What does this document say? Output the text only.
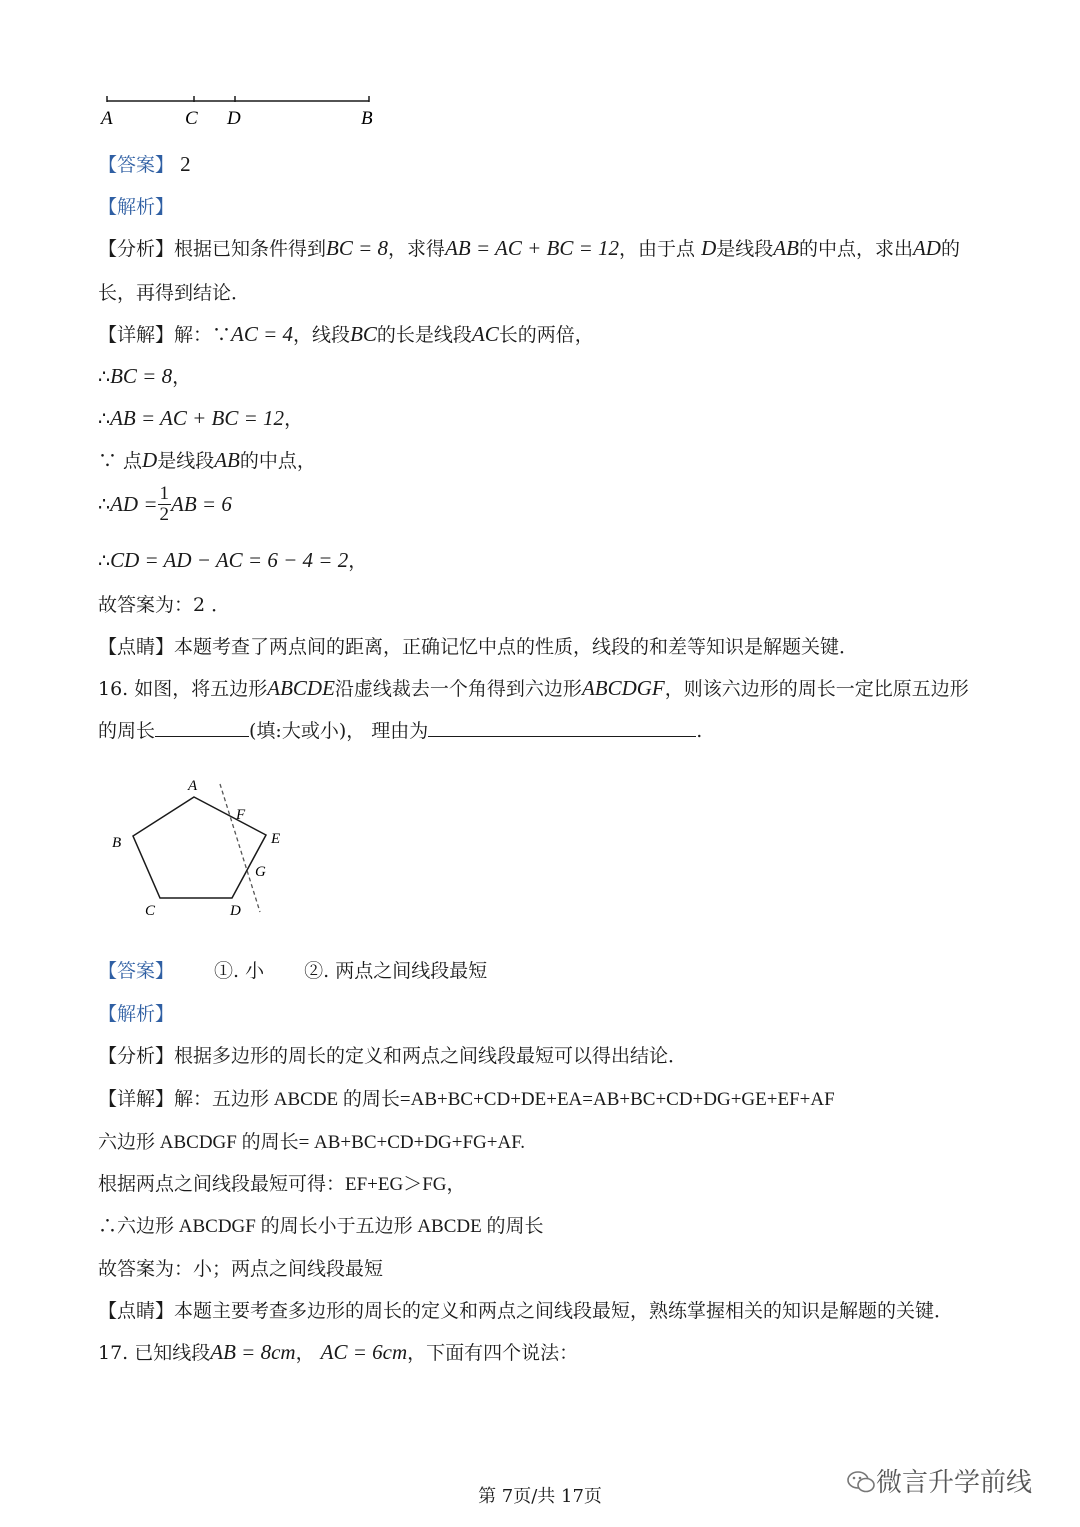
A	C D	B
【答案】 2
【解析】
【分析】根据已知条件得到BC = 8，求得AB = AC + BC = 12，由于点 D是线段AB的中点，求出AD的
长，再得到结论．
【详解】解：∵AC = 4，线段BC的长是线段AC长的两倍，
∴BC = 8，
∴AB = AC + BC = 12，
∵ 点D是线段AB的中点，
∴AD = $\frac{1}{2}$ AB = 6
∴CD = AD − AC = 6 − 4 = 2，
故答案为：2 ．
【点睛】本题考查了两点间的距离，正确记忆中点的性质，线段的和差等知识是解题关键．
16. 如图，将五边形ABCDE沿虚线裁去一个角得到六边形ABCDGF，则该六边形的周长一定比原五边形
的周长	(填:大或小)， 理由为	.
A
B
C	D
E
F
G
【答案】 ①. 小 ②. 两点之间线段最短
【解析】
【分析】根据多边形的周长的定义和两点之间线段最短可以得出结论．
【详解】解：五边形 ABCDE 的周长=AB+BC+CD+DE+EA=AB+BC+CD+DG+GE+EF+AF
六边形 ABCDGF 的周长= AB+BC+CD+DG+FG+AF.
根据两点之间线段最短可得：EF+EG＞FG，
∴六边形 ABCDGF 的周长小于五边形 ABCDE 的周长
故答案为：小；两点之间线段最短
【点睛】本题主要考查多边形的周长的定义和两点之间线段最短，熟练掌握相关的知识是解题的关键．
17. 已知线段AB = 8cm， AC = 6cm，下面有四个说法：
第 7页/共 17页	微言升学前线
